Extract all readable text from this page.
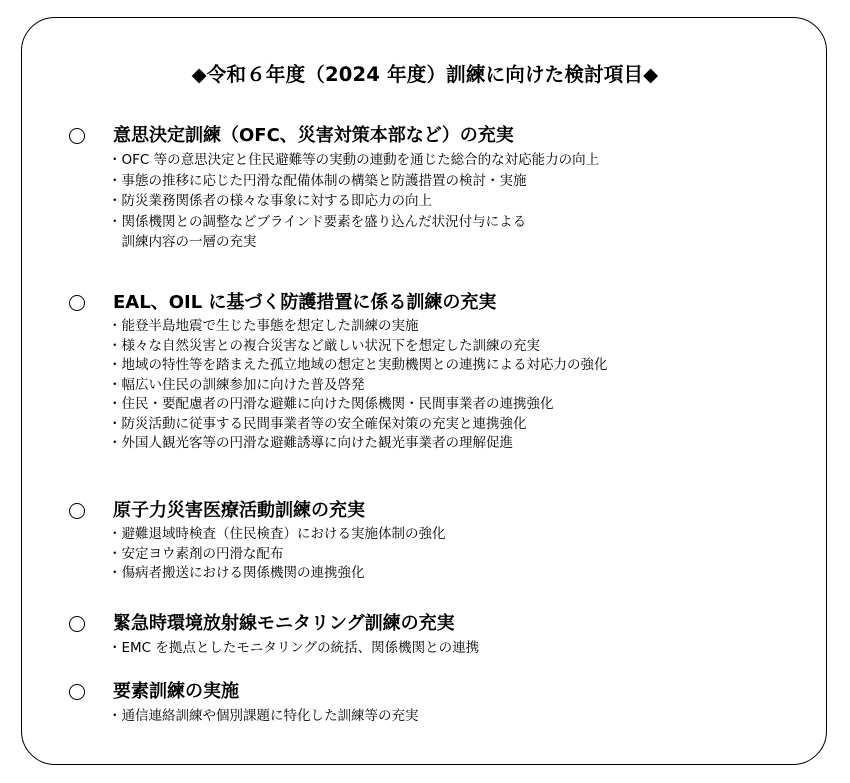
◆令和６年度（2024 年度）訓練に向けた検討項目◆
意思決定訓練（OFC、災害対策本部など）の充実
・OFC 等の意思決定と住民避難等の実動の連動を通じた総合的な対応能力の向上
・事態の推移に応じた円滑な配備体制の構築と防護措置の検討・実施
・防災業務関係者の様々な事象に対する即応力の向上
・関係機関との調整などブラインド要素を盛り込んだ状況付与による
　訓練内容の一層の充実
EAL、OIL に基づく防護措置に係る訓練の充実
・能登半島地震で生じた事態を想定した訓練の実施
・様々な自然災害との複合災害など厳しい状況下を想定した訓練の充実
・地域の特性等を踏まえた孤立地域の想定と実動機関との連携による対応力の強化
・幅広い住民の訓練参加に向けた普及啓発
・住民・要配慮者の円滑な避難に向けた関係機関・民間事業者の連携強化
・防災活動に従事する民間事業者等の安全確保対策の充実と連携強化
・外国人観光客等の円滑な避難誘導に向けた観光事業者の理解促進
原子力災害医療活動訓練の充実
・避難退域時検査（住民検査）における実施体制の強化
・安定ヨウ素剤の円滑な配布
・傷病者搬送における関係機関の連携強化
緊急時環境放射線モニタリング訓練の充実
・EMC を拠点としたモニタリングの統括、関係機関との連携
要素訓練の実施
・通信連絡訓練や個別課題に特化した訓練等の充実
